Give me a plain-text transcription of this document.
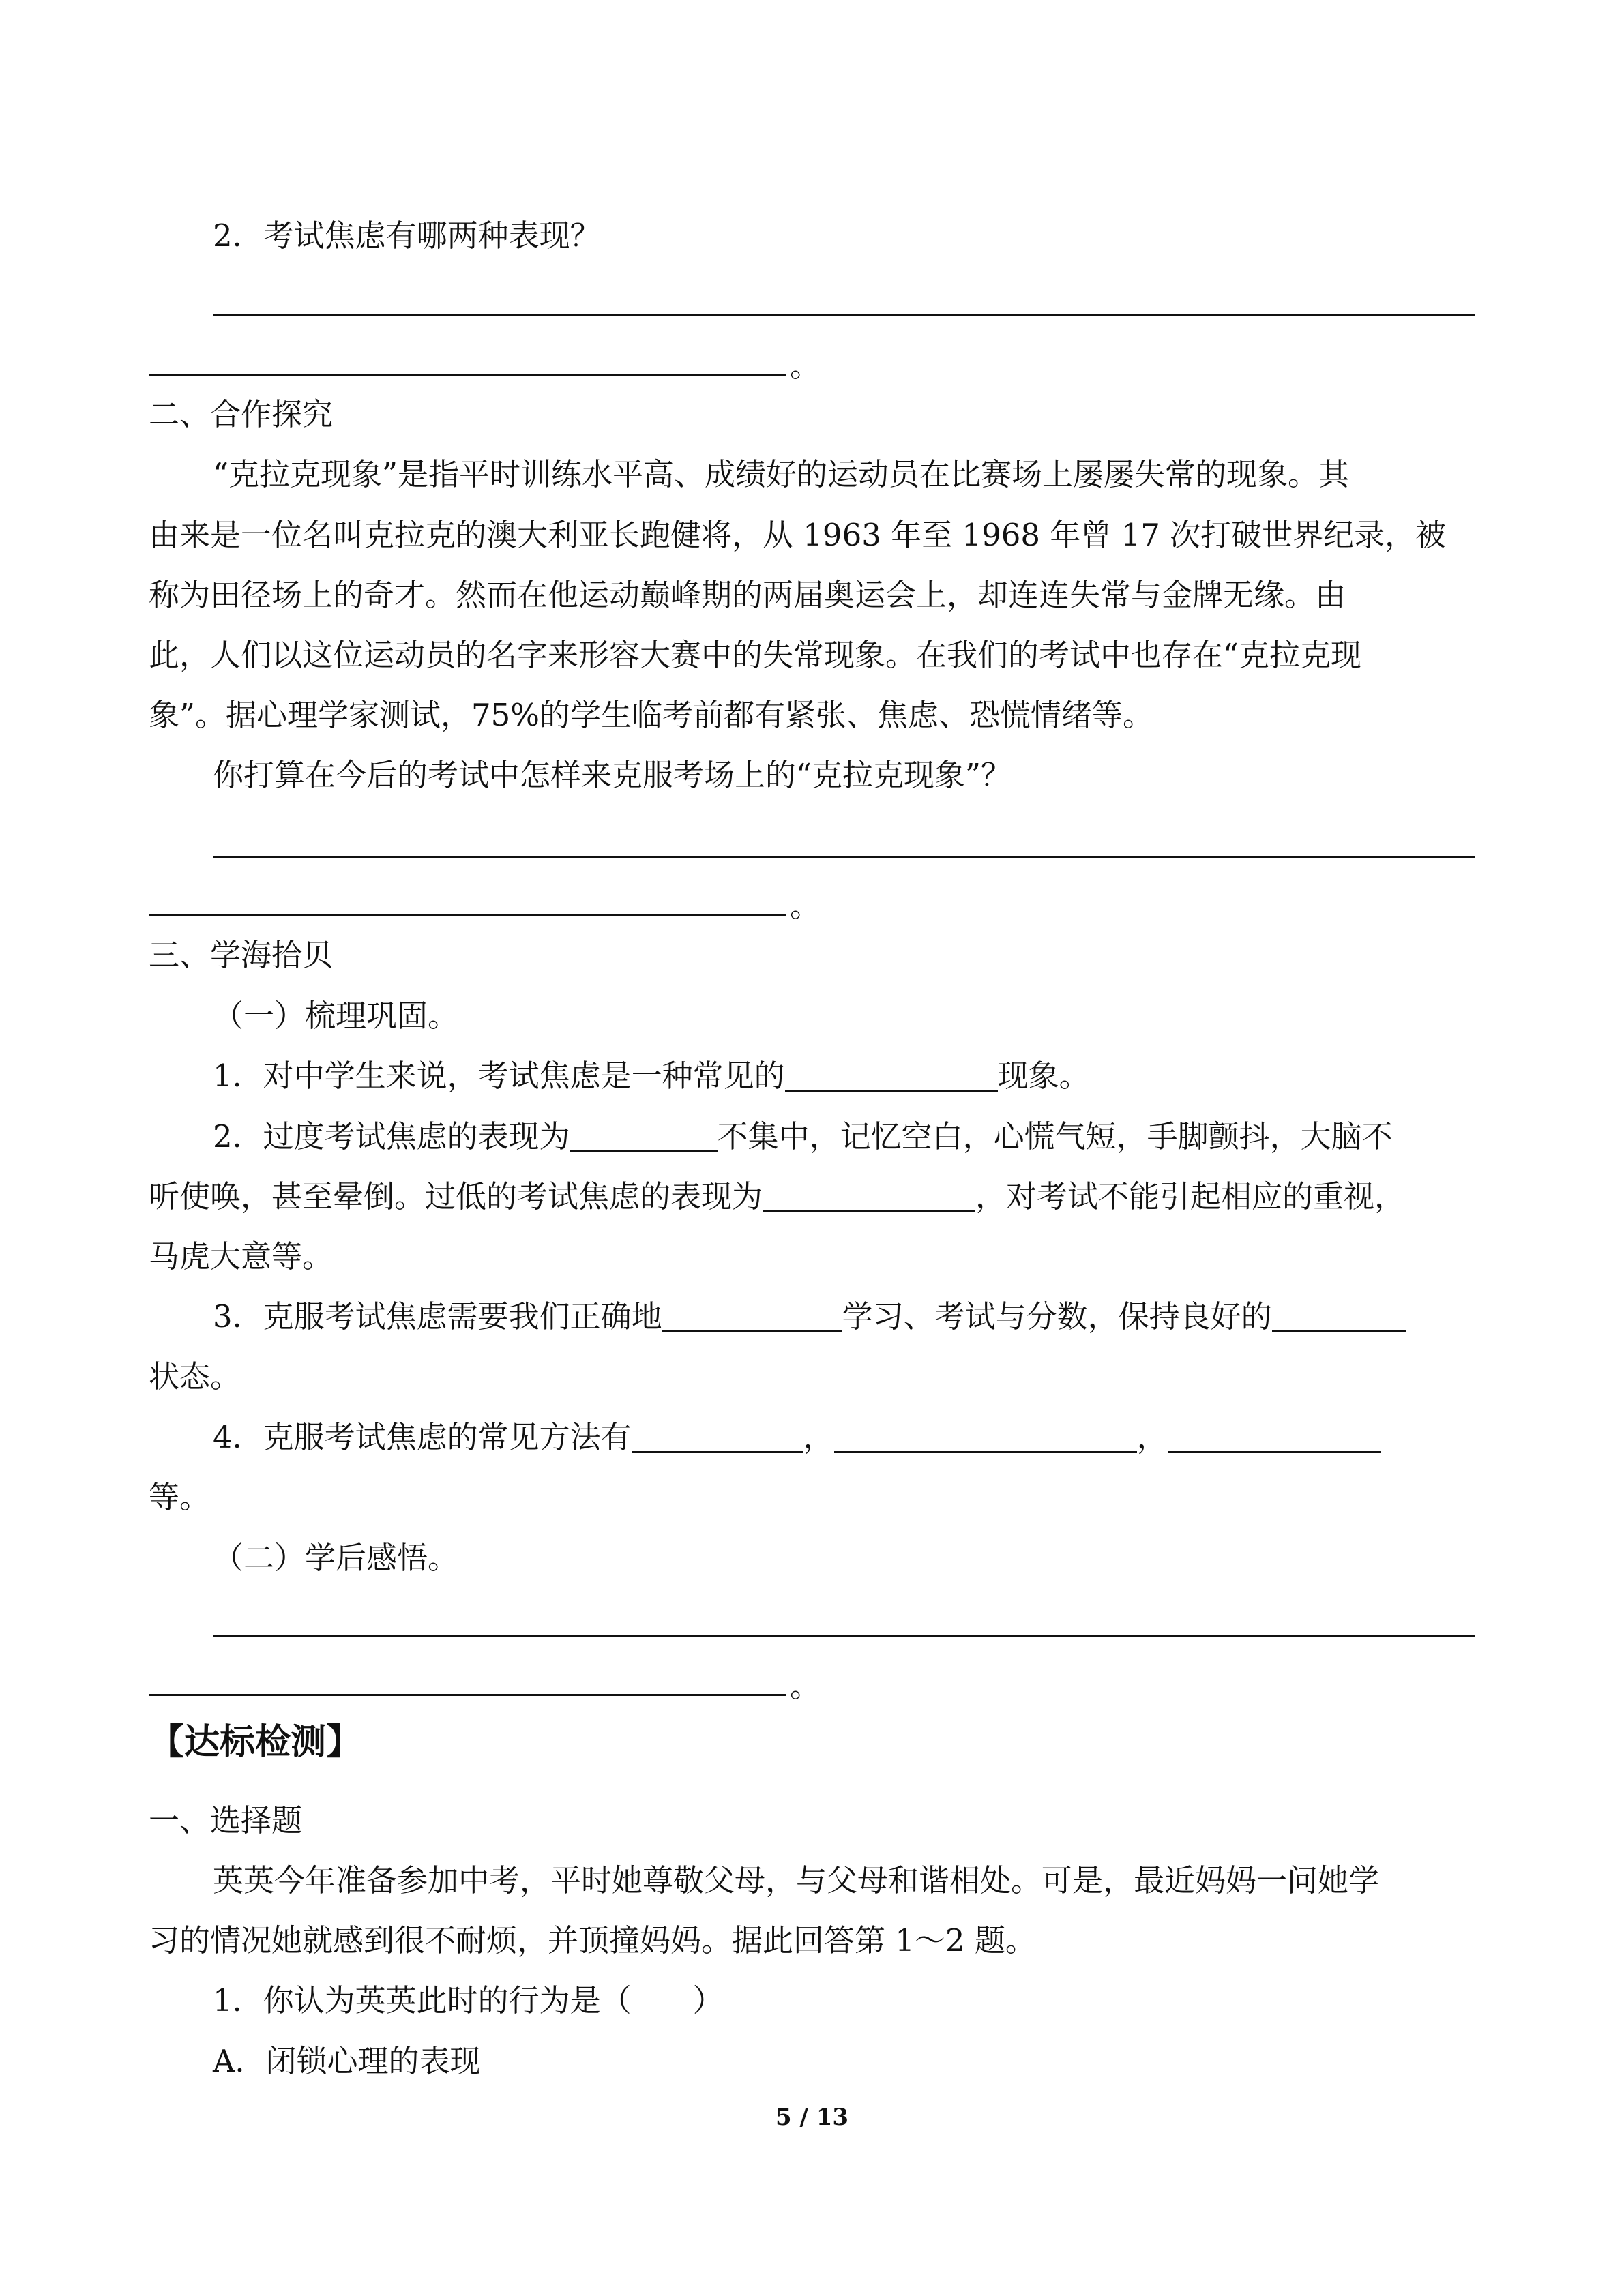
2．考试焦虑有哪两种表现？
。
二、合作探究
“克拉克现象”是指平时训练水平高、成绩好的运动员在比赛场上屡屡失常的现象。其
由来是一位名叫克拉克的澳大利亚长跑健将，从 1963 年至 1968 年曾 17 次打破世界纪录，被
称为田径场上的奇才。然而在他运动巅峰期的两届奥运会上，却连连失常与金牌无缘。由
此，人们以这位运动员的名字来形容大赛中的失常现象。在我们的考试中也存在“克拉克现
象”。据心理学家测试，75%的学生临考前都有紧张、焦虑、恐慌情绪等。
你打算在今后的考试中怎样来克服考场上的“克拉克现象”？
。
三、学海拾贝
（一）梳理巩固。
1．对中学生来说，考试焦虑是一种常见的	现象。
2．过度考试焦虑的表现为	不集中，记忆空白，心慌气短，手脚颤抖，大脑不
听使唤，甚至晕倒。过低的考试焦虑的表现为	，对考试不能引起相应的重视，
马虎大意等。
3．克服考试焦虑需要我们正确地	学习、考试与分数，保持良好的
状态。
4．克服考试焦虑的常见方法有	，	，
等。
（二）学后感悟。
。
【达标检测】
一、选择题
英英今年准备参加中考，平时她尊敬父母，与父母和谐相处。可是，最近妈妈一问她学
习的情况她就感到很不耐烦，并顶撞妈妈。据此回答第 1～2 题。
1．你认为英英此时的行为是（　　）
A．闭锁心理的表现
5 / 13
